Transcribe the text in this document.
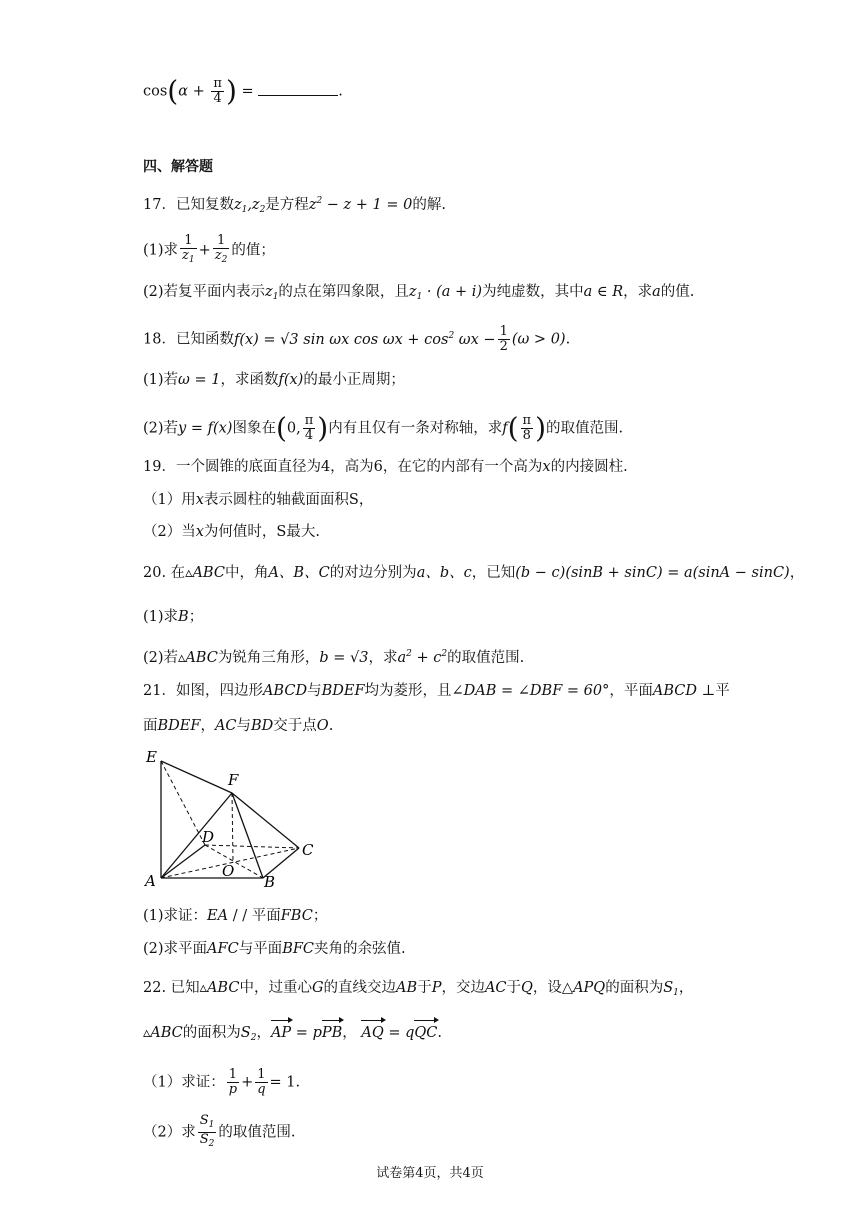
$\cos(\alpha + \frac{\pi}{4}$ ) =	.
四、解答题
17．已知复数$z_1,z_2$是方程$z^2 - z + 1 = 0$的解.
(1)求 $\frac{1}{z_1} + \frac{1}{z_2}$ 的值；
(2)若复平面内表示$z_1$的点在第四象限，且$z_1 \cdot (a + i)$为纯虚数，其中a ∈ R，求a的值.
18．已知函数f(x) = √3 sin ωx $\cos \omega x + \cos^2 \omega x - \frac{1}{2} (\omega > 0)$.
(1)若ω = 1，求函数f(x)的最小正周期；
(2)若y = f(x)图象在(0, $\frac{\pi}{4}$ )内有且仅有一条对称轴，求$f( \frac{\pi}{8}$ )的取值范围.
19．一个圆锥的底面直径为4，高为6，在它的内部有一个高为x的内接圆柱.
（1）用x表示圆柱的轴截面面积S，
（2）当x为何值时，S最大.
20. 在▵ABC中，角A、B、C的对边分别为a、b、c，已知(b − c)(sinB + sinC) = a(sinA − sinC)，
(1)求B；
(2)若▵ABC为锐角三角形，b = √3，求$a^2 + c^2$的取值范围.
21．如图，四边形ABCD与BDEF均为菱形，且∠DAB = ∠DBF = 60°，平面ABCD ⊥平
面BDEF，AC与BD交于点O.
E
F
D
C
A
O
B
(1)求证：EA / / 平面FBC；
(2)求平面AFC与平面BFC夹角的余弦值.
22. 已知▵ABC中，过重心G的直线交边AB于P，交边AC于Q，设△APQ的面积为$S_1$，
▵ABC的面积为$S_2$，AP = pPB， AQ = qQC.
（1）求证： $\frac{1}{p} + \frac{1}{q} = 1$.
（2）求 $\frac{S_1}{S_2}$ 的取值范围.
试卷第4页，共4页
